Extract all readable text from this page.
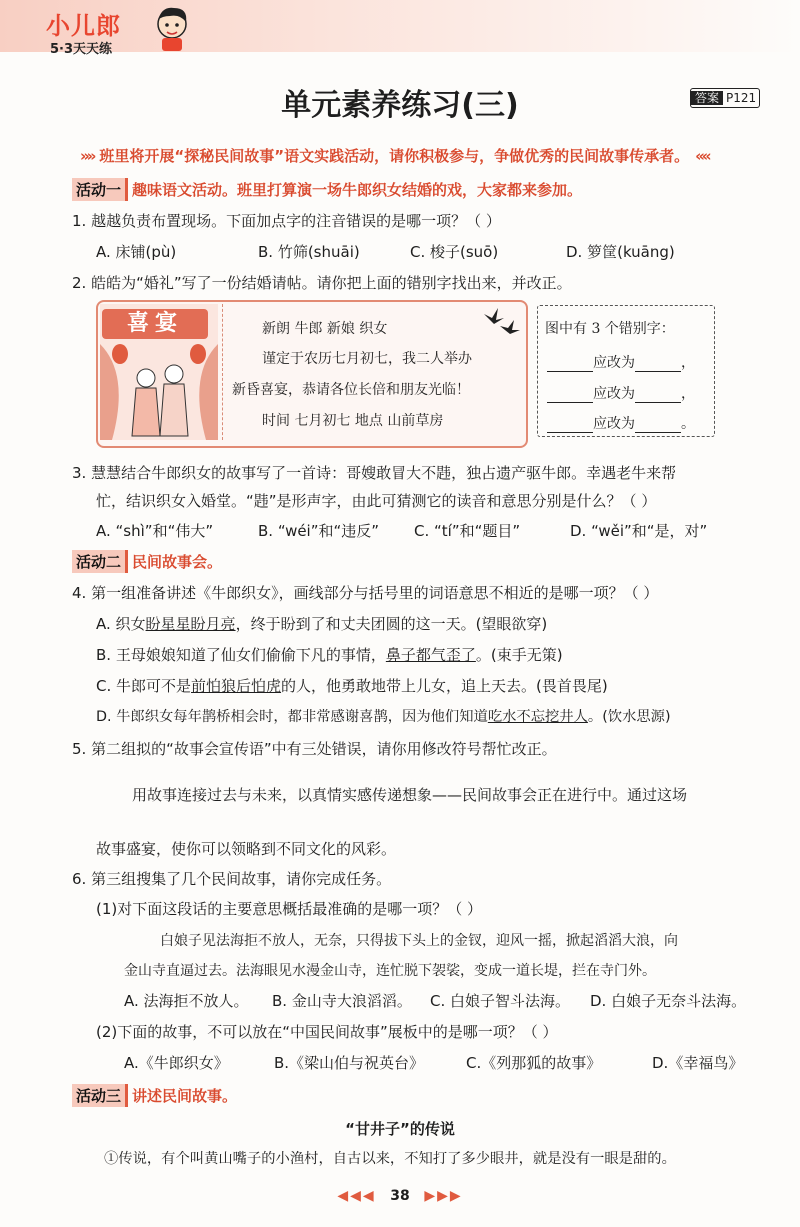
小儿郎
5·3天天练
单元素养练习(三)	答案 P121
»» 班里将开展“探秘民间故事”语文实践活动，请你积极参与，争做优秀的民间故事传承者。 ««
活动一 趣味语文活动。班里打算演一场牛郎织女结婚的戏，大家都来参加。
1. 越越负责布置现场。下面加点字的注音错误的是哪一项？（ ）
A. 床铺(pù)	B. 竹筛(shuāi)	C. 梭子(suō)	D. 箩筐(kuāng)
2. 皓皓为“婚礼”写了一份结婚请帖。请你把上面的错别字找出来，并改正。
喜宴	新朗 牛郎 新娘 织女
谨定于农历七月初七，我二人举办
新昏喜宴，恭请各位长倍和朋友光临！
时间 七月初七 地点 山前草房
图中有 3 个错别字：
应改为	，
应改为	，
应改为	。
3. 慧慧结合牛郎织女的故事写了一首诗：哥嫂敢冒大不韪，独占遗产驱牛郎。幸遇老牛来帮
忙，结识织女入婚堂。“韪”是形声字，由此可猜测它的读音和意思分别是什么？（ ）
A. “shì”和“伟大”	B. “wéi”和“违反” C. “tí”和“题目”	D. “wěi”和“是，对”
活动二 民间故事会。
4. 第一组准备讲述《牛郎织女》，画线部分与括号里的词语意思不相近的是哪一项？（ ）
A. 织女盼星星盼月亮，终于盼到了和丈夫团圆的这一天。(望眼欲穿)
B. 王母娘娘知道了仙女们偷偷下凡的事情，鼻子都气歪了。(束手无策)
C. 牛郎可不是前怕狼后怕虎的人，他勇敢地带上儿女，追上天去。(畏首畏尾)
D. 牛郎织女每年鹊桥相会时，都非常感谢喜鹊，因为他们知道吃水不忘挖井人。(饮水思源)
5. 第二组拟的“故事会宣传语”中有三处错误，请你用修改符号帮忙改正。
用故事连接过去与未来，以真情实感传递想象——民间故事会正在进行中。通过这场
故事盛宴，使你可以领略到不同文化的风彩。
6. 第三组搜集了几个民间故事，请你完成任务。
(1)对下面这段话的主要意思概括最准确的是哪一项？（ ）
白娘子见法海拒不放人，无奈，只得拔下头上的金钗，迎风一摇，掀起滔滔大浪，向
金山寺直逼过去。法海眼见水漫金山寺，连忙脱下袈裟，变成一道长堤，拦在寺门外。
A. 法海拒不放人。 B. 金山寺大浪滔滔。 C. 白娘子智斗法海。 D. 白娘子无奈斗法海。
(2)下面的故事，不可以放在“中国民间故事”展板中的是哪一项？（ ）
A.《牛郎织女》	B.《梁山伯与祝英台》	C.《列那狐的故事》	D.《幸福鸟》
活动三 讲述民间故事。
“甘井子”的传说
①传说，有个叫黄山嘴子的小渔村，自古以来，不知打了多少眼井，就是没有一眼是甜的。
◀◀◀ 38 ▶▶▶
